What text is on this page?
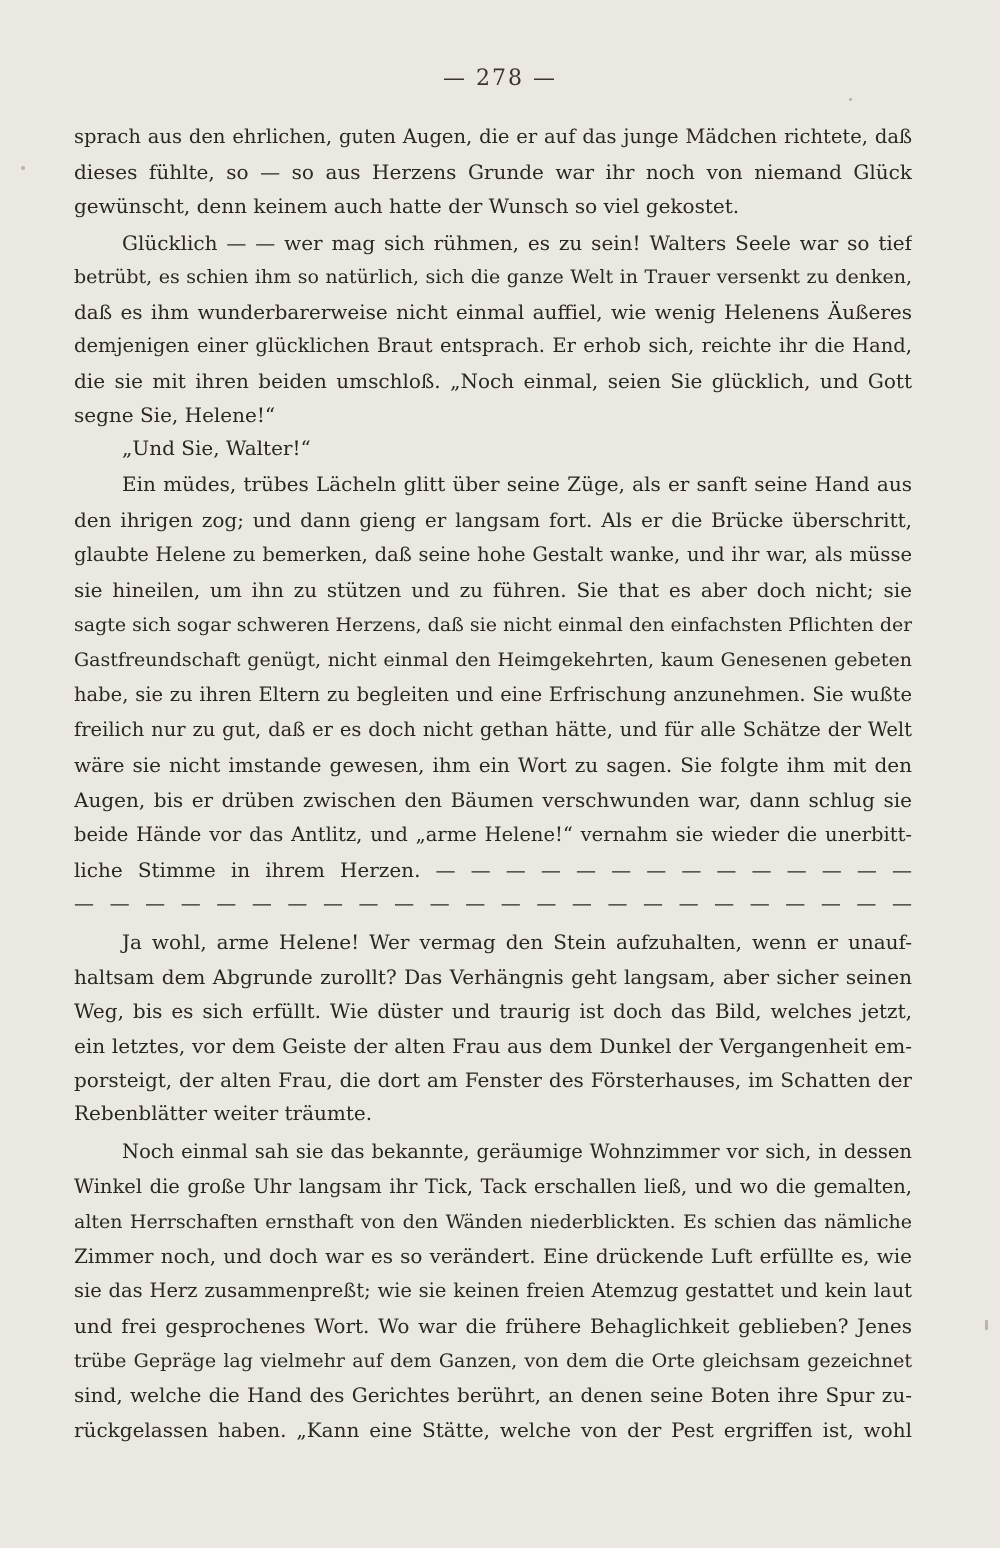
— 278 —
sprach aus den ehrlichen, guten Augen, die er auf das junge Mädchen richtete, daß
dieses fühlte, so — so aus Herzens Grunde war ihr noch von niemand Glück
gewünscht, denn keinem auch hatte der Wunsch so viel gekostet.
Glücklich — — wer mag sich rühmen, es zu sein! Walters Seele war so tief
betrübt, es schien ihm so natürlich, sich die ganze Welt in Trauer versenkt zu denken,
daß es ihm wunderbarerweise nicht einmal auffiel, wie wenig Helenens Äußeres
demjenigen einer glücklichen Braut entsprach. Er erhob sich, reichte ihr die Hand,
die sie mit ihren beiden umschloß. „Noch einmal, seien Sie glücklich, und Gott
segne Sie, Helene!“
„Und Sie, Walter!“
Ein müdes, trübes Lächeln glitt über seine Züge, als er sanft seine Hand aus
den ihrigen zog; und dann gieng er langsam fort. Als er die Brücke überschritt,
glaubte Helene zu bemerken, daß seine hohe Gestalt wanke, und ihr war, als müsse
sie hineilen, um ihn zu stützen und zu führen. Sie that es aber doch nicht; sie
sagte sich sogar schweren Herzens, daß sie nicht einmal den einfachsten Pflichten der
Gastfreundschaft genügt, nicht einmal den Heimgekehrten, kaum Genesenen gebeten
habe, sie zu ihren Eltern zu begleiten und eine Erfrischung anzunehmen. Sie wußte
freilich nur zu gut, daß er es doch nicht gethan hätte, und für alle Schätze der Welt
wäre sie nicht imstande gewesen, ihm ein Wort zu sagen. Sie folgte ihm mit den
Augen, bis er drüben zwischen den Bäumen verschwunden war, dann schlug sie
beide Hände vor das Antlitz, und „arme Helene!“ vernahm sie wieder die unerbitt-
liche Stimme in ihrem Herzen. — — — — — — — — — — — — — —
— — — — — — — — — — — — — — — — — — — — — — — —
Ja wohl, arme Helene! Wer vermag den Stein aufzuhalten, wenn er unauf-
haltsam dem Abgrunde zurollt? Das Verhängnis geht langsam, aber sicher seinen
Weg, bis es sich erfüllt. Wie düster und traurig ist doch das Bild, welches jetzt,
ein letztes, vor dem Geiste der alten Frau aus dem Dunkel der Vergangenheit em-
porsteigt, der alten Frau, die dort am Fenster des Försterhauses, im Schatten der
Rebenblätter weiter träumte.
Noch einmal sah sie das bekannte, geräumige Wohnzimmer vor sich, in dessen
Winkel die große Uhr langsam ihr Tick, Tack erschallen ließ, und wo die gemalten,
alten Herrschaften ernsthaft von den Wänden niederblickten. Es schien das nämliche
Zimmer noch, und doch war es so verändert. Eine drückende Luft erfüllte es, wie
sie das Herz zusammenpreßt; wie sie keinen freien Atemzug gestattet und kein laut
und frei gesprochenes Wort. Wo war die frühere Behaglichkeit geblieben? Jenes
trübe Gepräge lag vielmehr auf dem Ganzen, von dem die Orte gleichsam gezeichnet
sind, welche die Hand des Gerichtes berührt, an denen seine Boten ihre Spur zu-
rückgelassen haben. „Kann eine Stätte, welche von der Pest ergriffen ist, wohl
